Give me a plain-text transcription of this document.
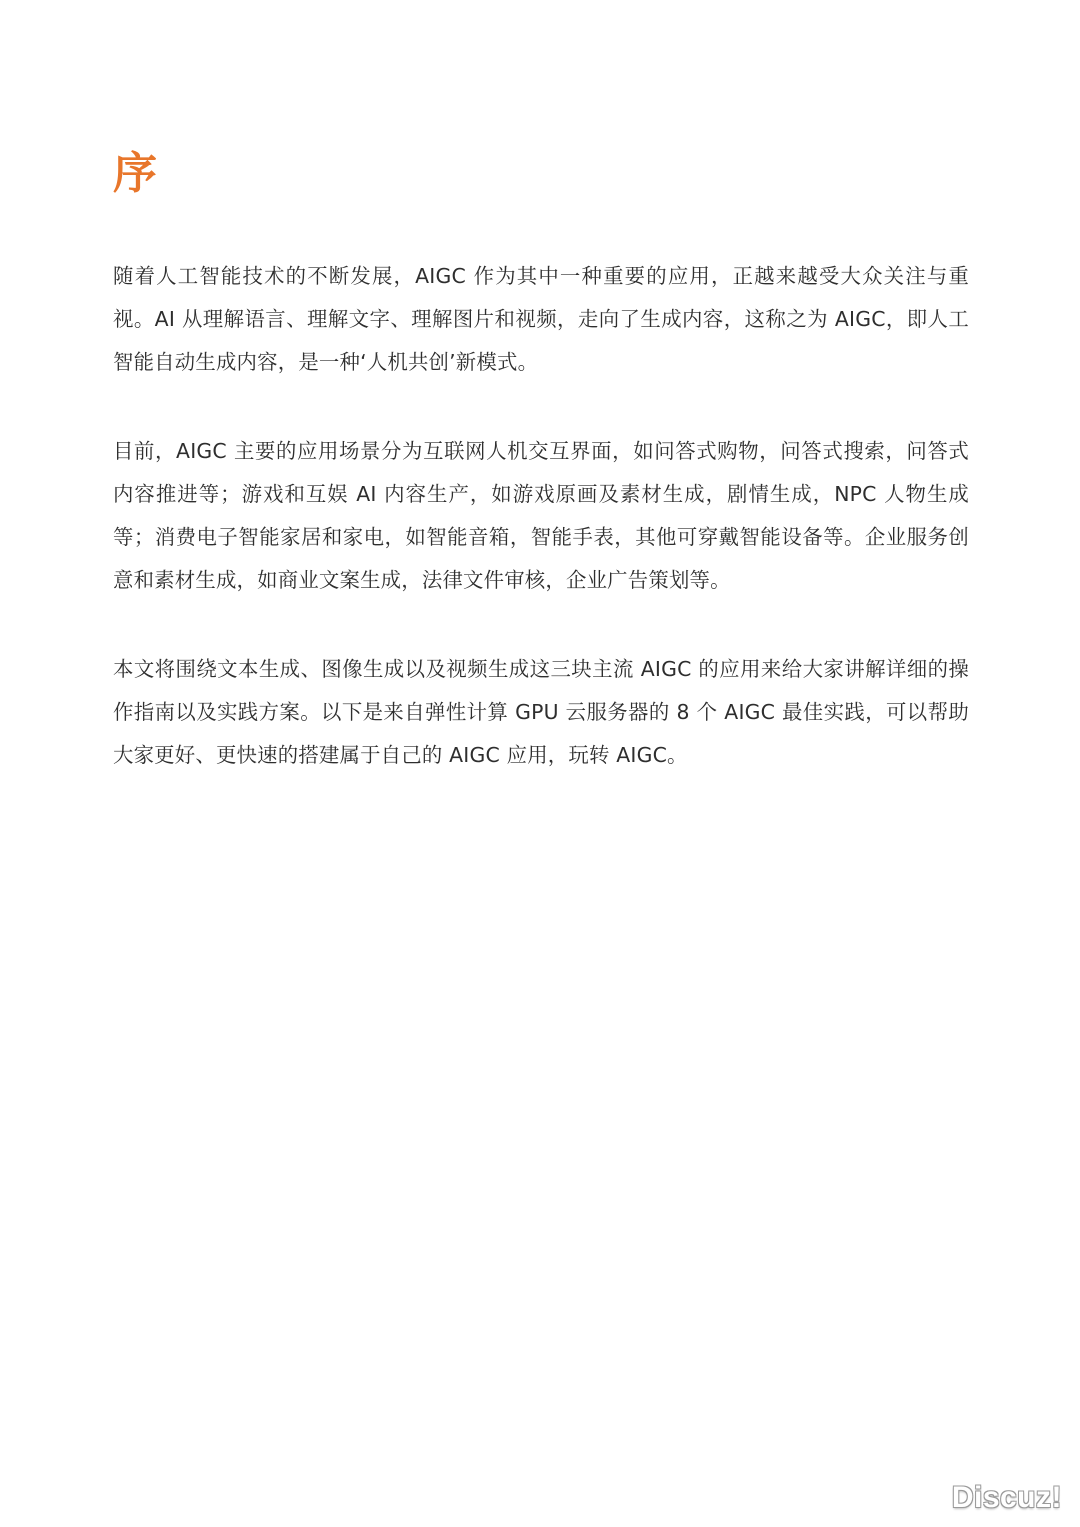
序

随着人工智能技术的不断发展，AIGC 作为其中一种重要的应用，正越来越受大众关注与重视。AI 从理解语言、理解文字、理解图片和视频，走向了生成内容，这称之为 AIGC，即人工智能自动生成内容，是一种‘人机共创’新模式。

目前，AIGC 主要的应用场景分为互联网人机交互界面，如问答式购物，问答式搜索，问答式内容推进等；游戏和互娱 AI 内容生产，如游戏原画及素材生成，剧情生成，NPC 人物生成等；消费电子智能家居和家电，如智能音箱，智能手表，其他可穿戴智能设备等。企业服务创意和素材生成，如商业文案生成，法律文件审核，企业广告策划等。

本文将围绕文本生成、图像生成以及视频生成这三块主流 AIGC 的应用来给大家讲解详细的操作指南以及实践方案。以下是来自弹性计算 GPU 云服务器的 8 个 AIGC 最佳实践，可以帮助大家更好、更快速的搭建属于自己的 AIGC 应用，玩转 AIGC。

Discuz!
